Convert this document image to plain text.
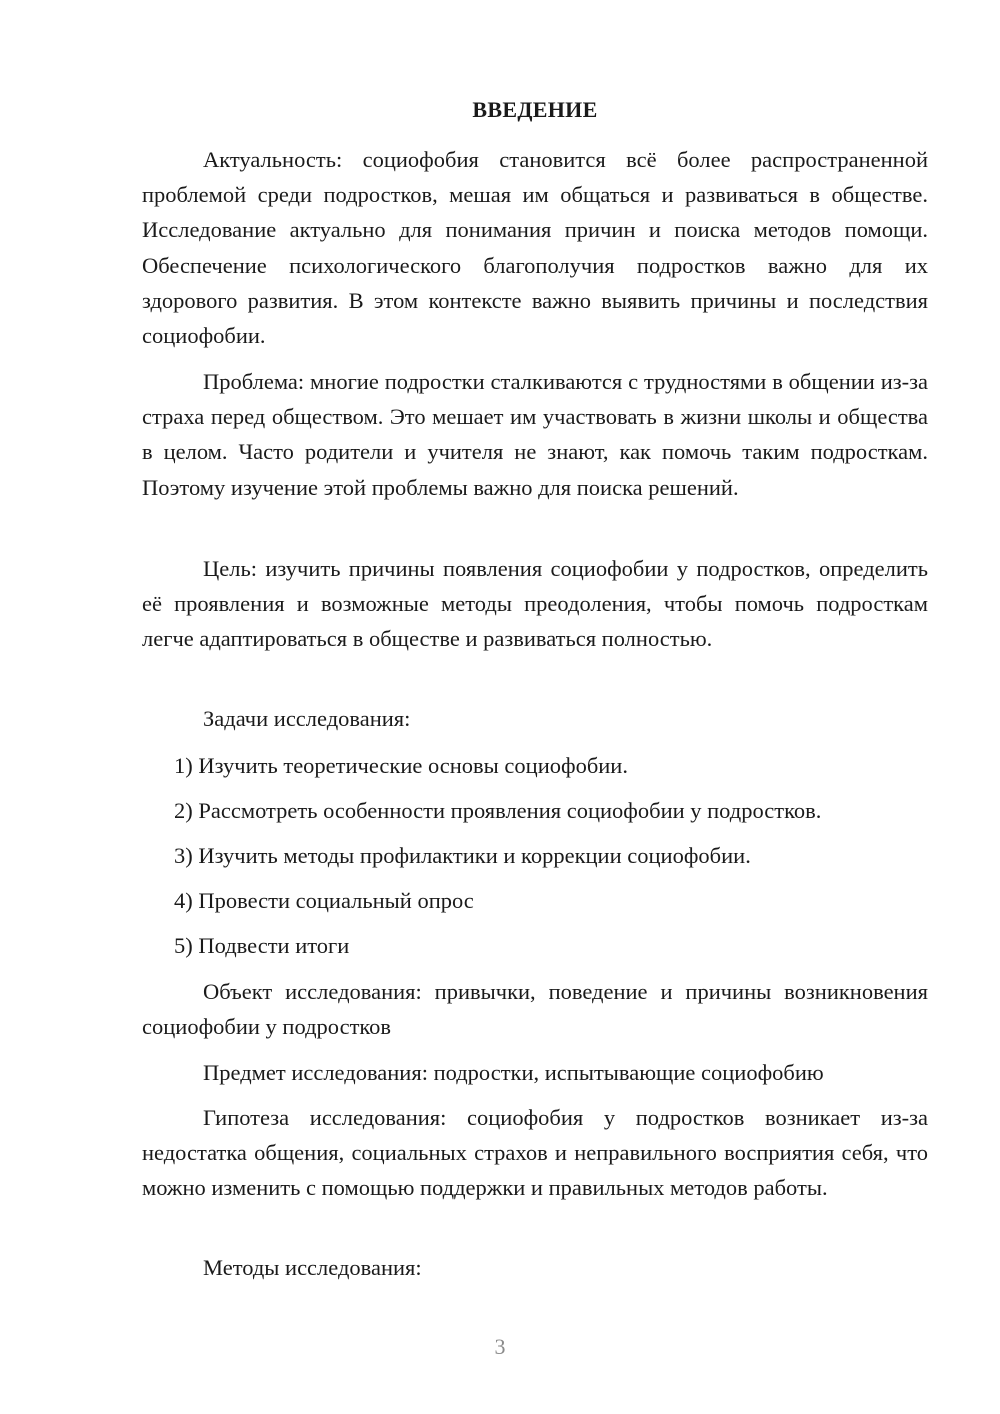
ВВЕДЕНИЕ

Актуальность: социофобия становится всё более распространенной проблемой среди подростков, мешая им общаться и развиваться в обществе. Исследование актуально для понимания причин и поиска методов помощи. Обеспечение психологического благополучия подростков важно для их здорового развития. В этом контексте важно выявить причины и последствия социофобии.

Проблема: многие подростки сталкиваются с трудностями в общении из-за страха перед обществом. Это мешает им участвовать в жизни школы и общества в целом. Часто родители и учителя не знают, как помочь таким подросткам. Поэтому изучение этой проблемы важно для поиска решений.

Цель: изучить причины появления социофобии у подростков, определить её проявления и возможные методы преодоления, чтобы помочь подросткам легче адаптироваться в обществе и развиваться полностью.

Задачи исследования:

1) Изучить теоретические основы социофобии.

2) Рассмотреть особенности проявления социофобии у подростков.

3) Изучить методы профилактики и коррекции социофобии.

4) Провести социальный опрос

5) Подвести итоги

Объект исследования: привычки, поведение и причины возникновения социофобии у подростков

Предмет исследования: подростки, испытывающие социофобию

Гипотеза исследования: социофобия у подростков возникает из-за недостатка общения, социальных страхов и неправильного восприятия себя, что можно изменить с помощью поддержки и правильных методов работы.

Методы исследования:

3
